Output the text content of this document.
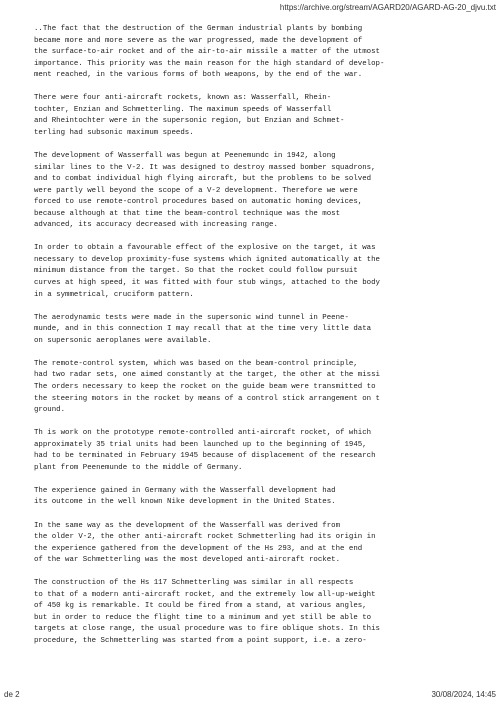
https://archive.org/stream/AGARD20/AGARD-AG-20_djvu.txt
..The fact that the destruction of the German industrial plants by bombing
became more and more severe as the war progressed, made the development of
the surface-to-air rocket and of the air-to-air missile a matter of the utmost
importance. This priority was the main reason for the high standard of develop-
ment reached, in the various forms of both weapons, by the end of the war.
There were four anti-aircraft rockets, known as: Wasserfall, Rhein-
tochter, Enzian and Schmetterling. The maximum speeds of Wasserfall
and Rheintochter were in the supersonic region, but Enzian and Schmet-
terling had subsonic maximum speeds.
The development of Wasserfall was begun at Peenemundc in 1942, along
similar lines to the V-2. It was designed to destroy massed bomber squadrons,
and to combat individual high flying aircraft, but the problems to be solved
were partly well beyond the scope of a V-2 development. Therefore we were
forced to use remote-control procedures based on automatic homing devices,
because although at that time the beam-control technique was the most
advanced, its accuracy decreased with increasing range.
In order to obtain a favourable effect of the explosive on the target, it was
necessary to develop proximity-fuse systems which ignited automatically at the
minimum distance from the target. So that the rocket could follow pursuit
curves at high speed, it was fitted with four stub wings, attached to the body
in a symmetrical, cruciform pattern.
The aerodynamic tests were made in the supersonic wind tunnel in Peene-
munde, and in this connection I may recall that at the time very little data
on supersonic aeroplanes were available.
The remote-control system, which was based on the beam-control principle,
had two radar sets, one aimed constantly at the target, the other at the missi
The orders necessary to keep the rocket on the guide beam were transmitted to
the steering motors in the rocket by means of a control stick arrangement on t
ground.
Th is work on the prototype remote-controlled anti-aircraft rocket, of which
approximately 35 trial units had been launched up to the beginning of 1945,
had to be terminated in February 1945 because of displacement of the research
plant from Peenemunde to the middle of Germany.
The experience gained in Germany with the Wasserfall development had
its outcome in the well known Nike development in the United States.
In the same way as the development of the Wasserfall was derived from
the older V-2, the other anti-aircraft rocket Schmetterling had its origin in
the experience gathered from the development of the Hs 293, and at the end
of the war Schmetterling was the most developed anti-aircraft rocket.
The construction of the Hs 117 Schmetterling was similar in all respects
to that of a modern anti-aircraft rocket, and the extremely low all-up-weight
of 450 kg is remarkable. It could be fired from a stand, at various angles,
but in order to reduce the flight time to a minimum and yet still be able to
targets at close range, the usual procedure was to fire oblique shots. In this
procedure, the Schmetterling was started from a point support, i.e. a zero-
de 2	30/08/2024, 14:45
